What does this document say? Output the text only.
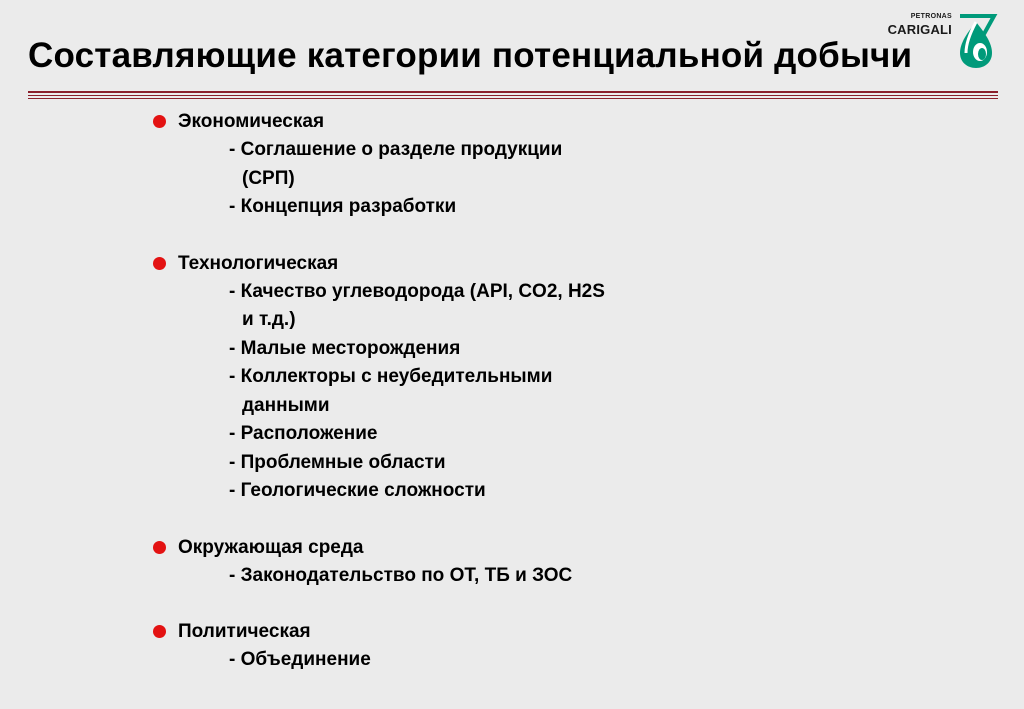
Составляющие категории потенциальной добычи
PETRONAS
CARIGALI
Экономическая
- Соглашение о разделе продукции
(СРП)
- Концепция разработки
Технологическая
- Качество углеводорода (API, CO2, H2S
и т.д.)
- Малые месторождения
- Коллекторы с неубедительными
данными
- Расположение
- Проблемные области
- Геологические сложности
Окружающая среда
- Законодательство по ОТ, ТБ и ЗОС
Политическая
- Объединение
